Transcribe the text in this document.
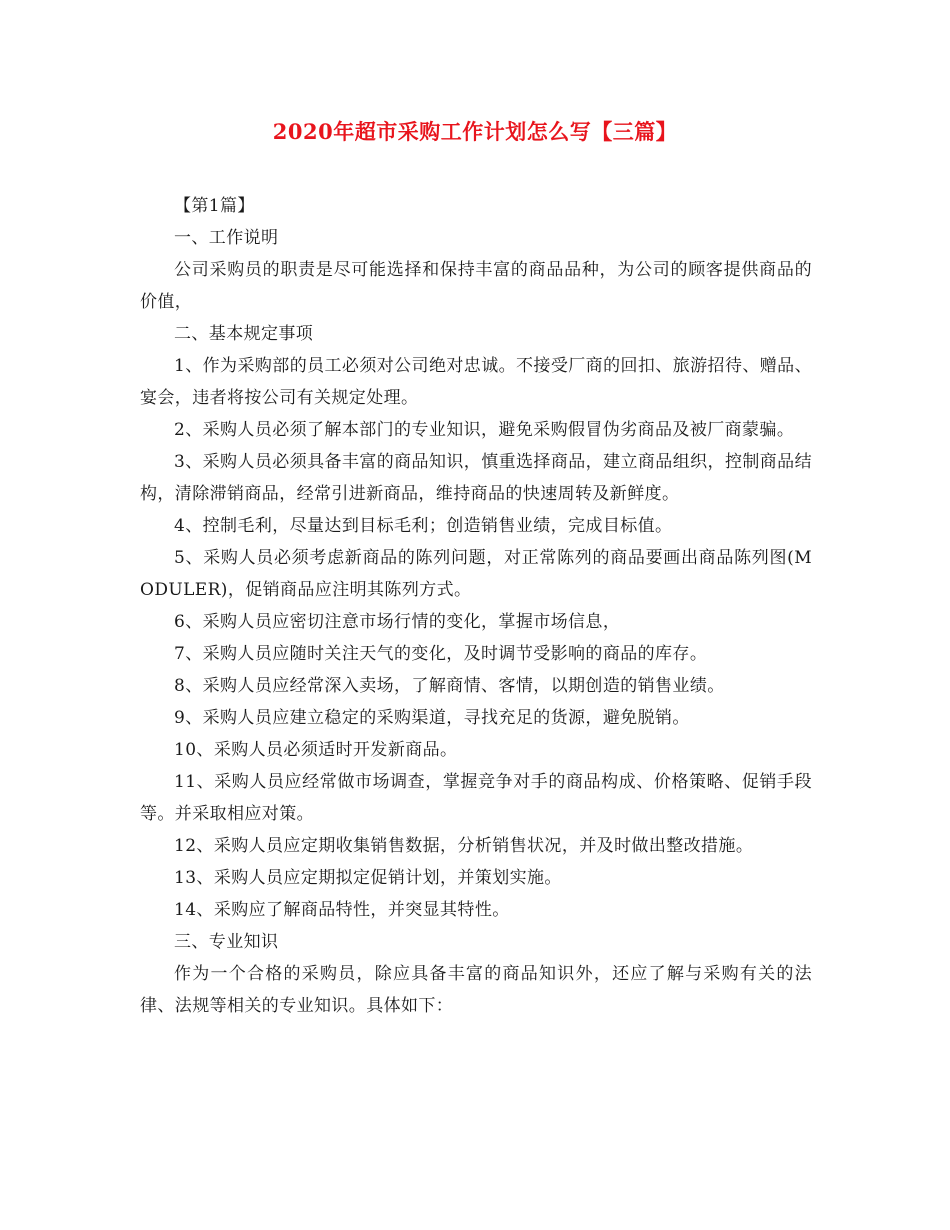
2020年超市采购工作计划怎么写【三篇】

【第1篇】

一、工作说明

公司采购员的职责是尽可能选择和保持丰富的商品品种，为公司的顾客提供商品的价值，

二、基本规定事项

1、作为采购部的员工必须对公司绝对忠诚。不接受厂商的回扣、旅游招待、赠品、宴会，违者将按公司有关规定处理。

2、采购人员必须了解本部门的专业知识，避免采购假冒伪劣商品及被厂商蒙骗。

3、采购人员必须具备丰富的商品知识，慎重选择商品，建立商品组织，控制商品结构，清除滞销商品，经常引进新商品，维持商品的快速周转及新鲜度。

4、控制毛利，尽量达到目标毛利；创造销售业绩，完成目标值。

5、采购人员必须考虑新商品的陈列问题，对正常陈列的商品要画出商品陈列图(MODULER)，促销商品应注明其陈列方式。

6、采购人员应密切注意市场行情的变化，掌握市场信息，

7、采购人员应随时关注天气的变化，及时调节受影响的商品的库存。

8、采购人员应经常深入卖场，了解商情、客情，以期创造的销售业绩。

9、采购人员应建立稳定的采购渠道，寻找充足的货源，避免脱销。

10、采购人员必须适时开发新商品。

11、采购人员应经常做市场调查，掌握竞争对手的商品构成、价格策略、促销手段等。并采取相应对策。

12、采购人员应定期收集销售数据，分析销售状况，并及时做出整改措施。

13、采购人员应定期拟定促销计划，并策划实施。

14、采购应了解商品特性，并突显其特性。

三、专业知识

作为一个合格的采购员，除应具备丰富的商品知识外，还应了解与采购有关的法律、法规等相关的专业知识。具体如下：
